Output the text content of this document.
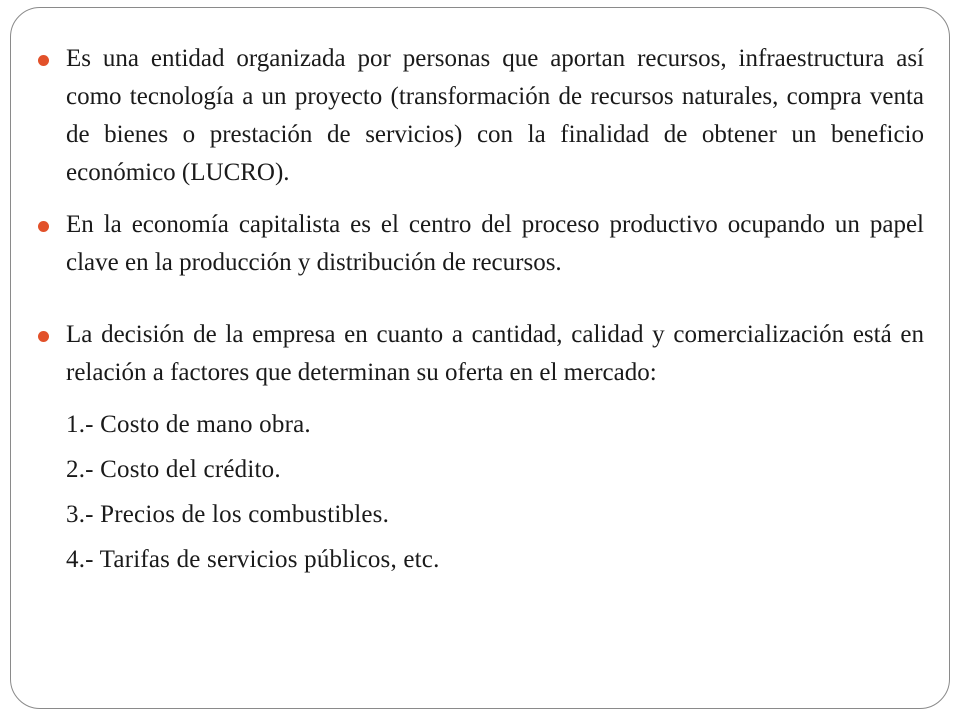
Es una entidad organizada por personas que aportan recursos, infraestructura así como tecnología a un proyecto (transformación de recursos naturales, compra venta de bienes o prestación de servicios) con la finalidad de obtener un beneficio económico (LUCRO).
En la economía capitalista es el centro del proceso productivo ocupando un papel clave en la producción y distribución de recursos.
La decisión de la empresa en cuanto a cantidad, calidad y comercialización está en relación a factores que determinan su oferta en el mercado:
1.- Costo de mano obra.
2.- Costo del crédito.
3.- Precios de los combustibles.
4.- Tarifas de servicios públicos, etc.
